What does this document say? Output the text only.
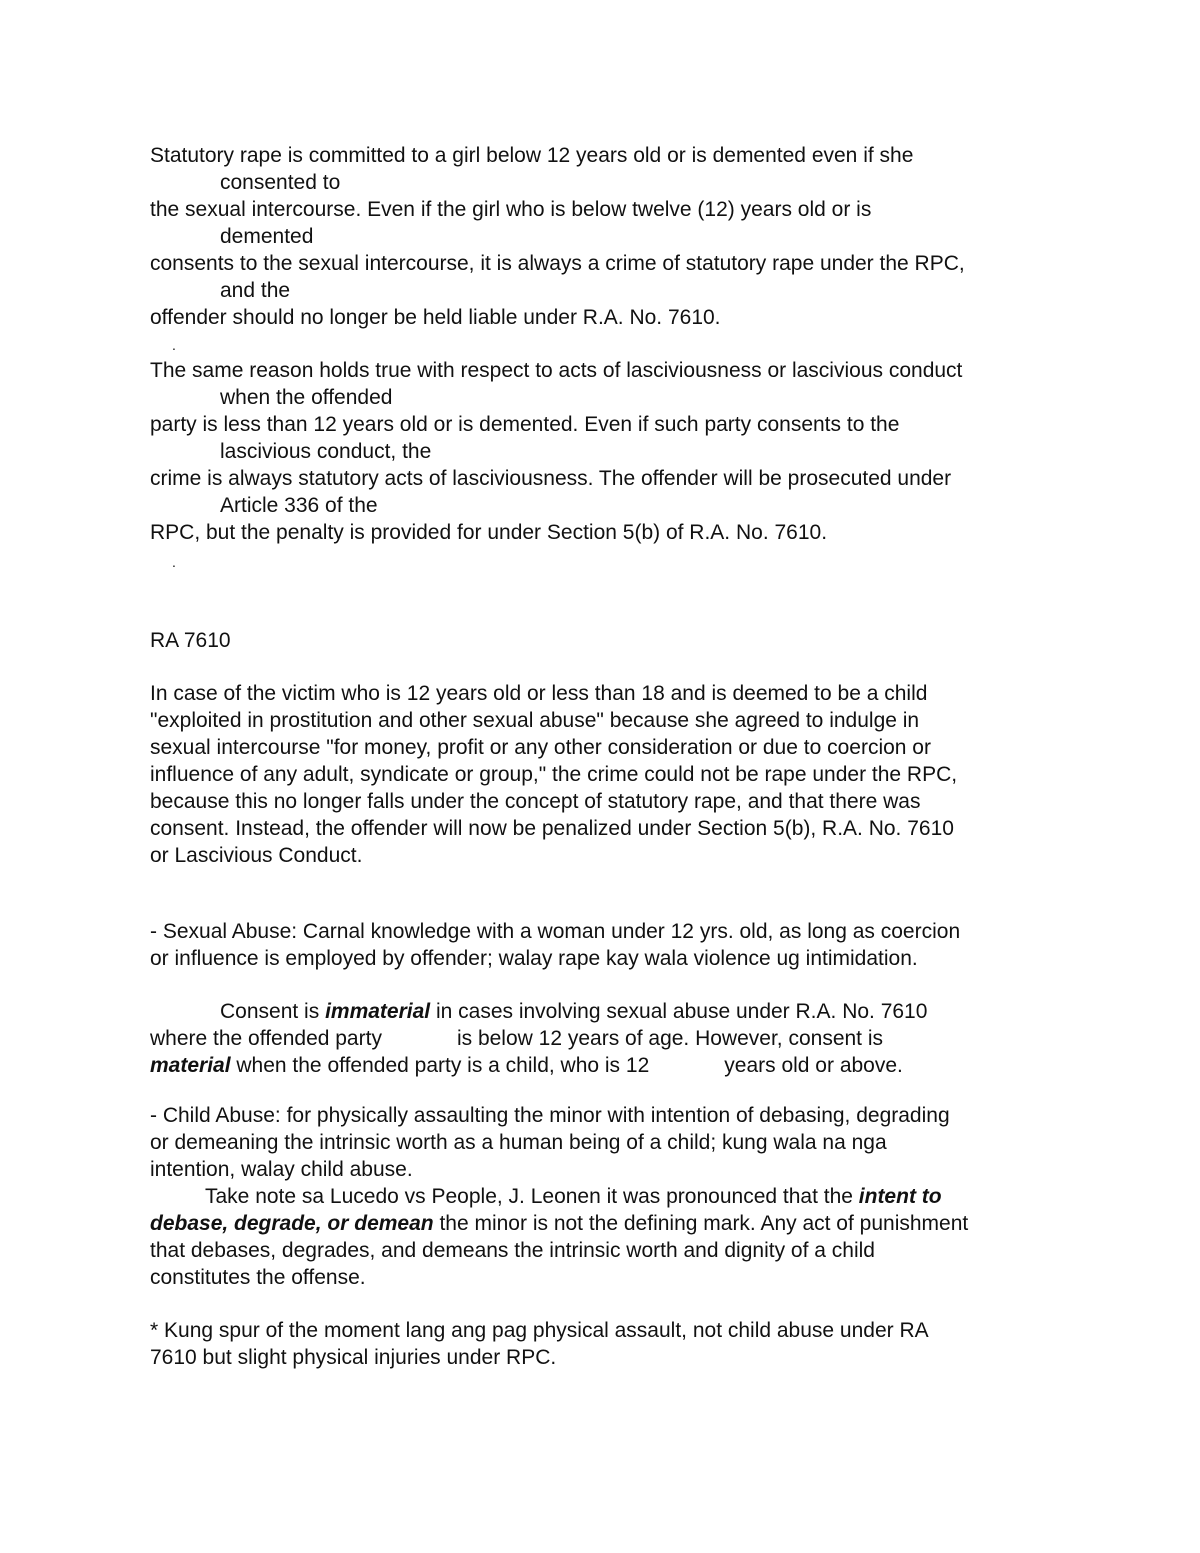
Statutory rape is committed to a girl below 12 years old or is demented even if she
consented to
the sexual intercourse. Even if the girl who is below twelve (12) years old or is
demented
consents to the sexual intercourse, it is always a crime of statutory rape under the RPC,
and the
offender should no longer be held liable under R.A. No. 7610.
.
The same reason holds true with respect to acts of lasciviousness or lascivious conduct
when the offended
party is less than 12 years old or is demented. Even if such party consents to the
lascivious conduct, the
crime is always statutory acts of lasciviousness. The offender will be prosecuted under
Article 336 of the
RPC, but the penalty is provided for under Section 5(b) of R.A. No. 7610.
.
RA 7610
In case of the victim who is 12 years old or less than 18 and is deemed to be a child
"exploited in prostitution and other sexual abuse" because she agreed to indulge in
sexual intercourse "for money, profit or any other consideration or due to coercion or
influence of any adult, syndicate or group," the crime could not be rape under the RPC,
because this no longer falls under the concept of statutory rape, and that there was
consent. Instead, the offender will now be penalized under Section 5(b), R.A. No. 7610
or Lascivious Conduct.
- Sexual Abuse: Carnal knowledge with a woman under 12 yrs. old, as long as coercion
or influence is employed by offender; walay rape kay wala violence ug intimidation.
Consent is immaterial in cases involving sexual abuse under R.A. No. 7610
where the offended party	is below 12 years of age. However, consent is
material when the offended party is a child, who is 12	years old or above.
- Child Abuse: for physically assaulting the minor with intention of debasing, degrading
or demeaning the intrinsic worth as a human being of a child; kung wala na nga
intention, walay child abuse.
Take note sa Lucedo vs People, J. Leonen it was pronounced that the intent to
debase, degrade, or demean the minor is not the defining mark. Any act of punishment
that debases, degrades, and demeans the intrinsic worth and dignity of a child
constitutes the offense.
* Kung spur of the moment lang ang pag physical assault, not child abuse under RA
7610 but slight physical injuries under RPC.
